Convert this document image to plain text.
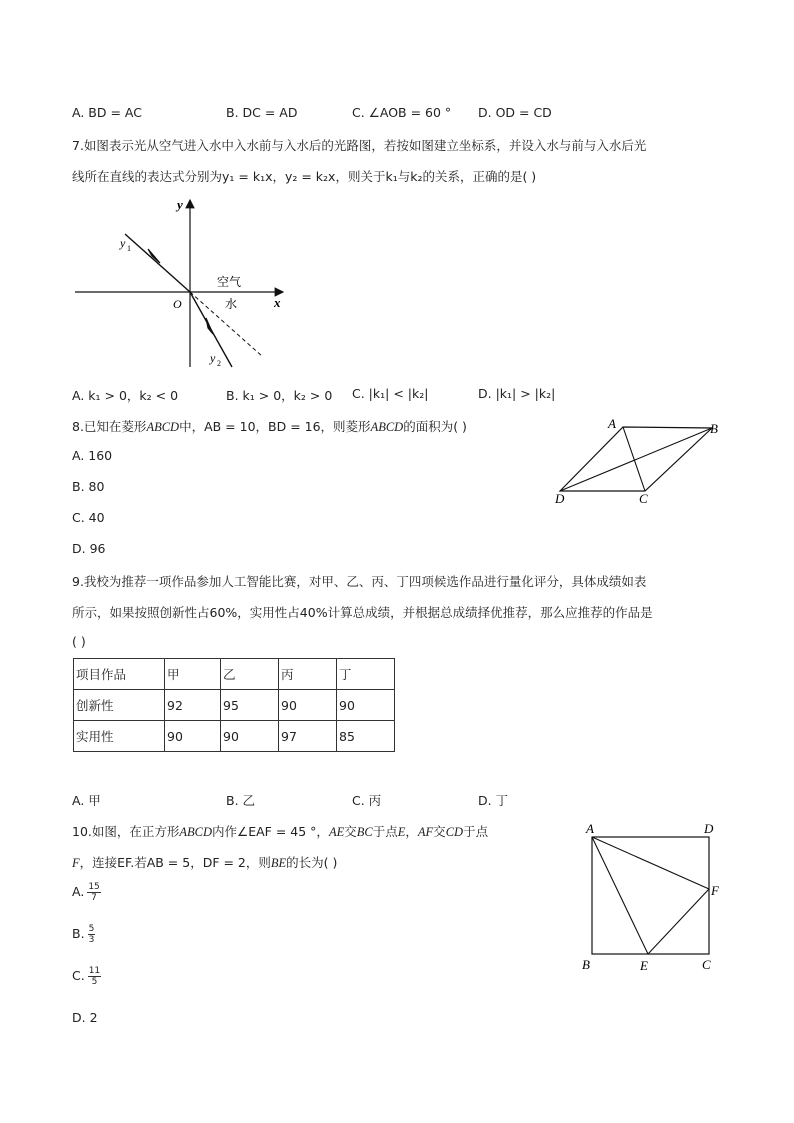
A. BD = AC	B. DC = AD	C. ∠AOB = 60 ° D. OD = CD
7.如图表示光从空气进入水中入水前与入水后的光路图，若按如图建立坐标系，并设入水与前与入水后光
线所在直线的表达式分别为y₁ = k₁x，y₂ = k₂x，则关于k₁与k₂的关系，正确的是( )
y
x
O
空气
水
y 1
y 2
A. k₁ > 0，k₂ < 0	B. k₁ > 0，k₂ > 0 C. |k₁| < |k₂|	D. |k₁| > |k₂|
8.已知在菱形ABCD中，AB = 10，BD = 16，则菱形ABCD的面积为( )	A	B
C
D
A. 160
B. 80
C. 40
D. 96
9.我校为推荐一项作品参加人工智能比赛，对甲、乙、丙、丁四项候选作品进行量化评分，具体成绩如表
所示，如果按照创新性占60%，实用性占40%计算总成绩，并根据总成绩择优推荐，那么应推荐的作品是
( )
项目作品	甲	乙	丙	丁
创新性	92	95	90	90
实用性	90	90	97	85
A. 甲	B. 乙	C. 丙	D. 丁
10.如图，在正方形ABCD内作∠EAF = 45 °，AE交BC于点E，AF交CD于点
F，连接EF.若AB = 5，DF = 2，则BE的长为( )
A	D
B	C
E
F
A. $\frac{15}{7}$
B. $\frac{5}{3}$
C. $\frac{11}{5}$
D. 2
